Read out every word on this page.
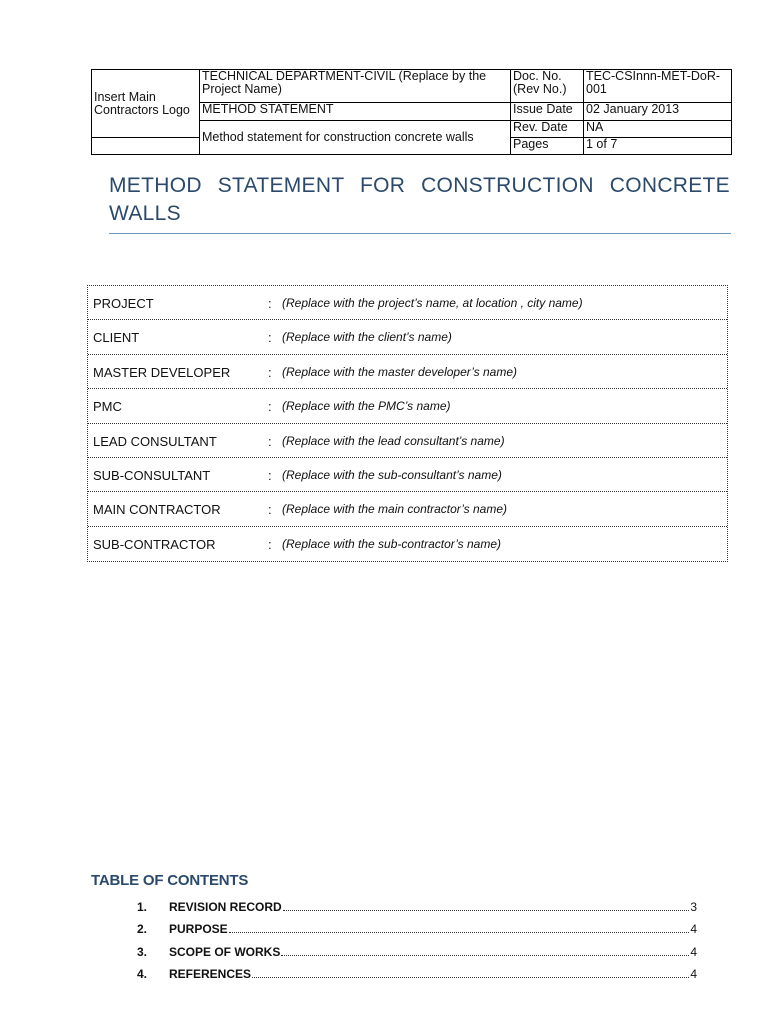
Insert Main Contractors Logo	TECHNICAL DEPARTMENT-CIVIL (Replace by the Project Name)	Doc. No. (Rev No.)	TEC-CSInnn-MET-DoR-001
	METHOD STATEMENT	Issue Date	02 January 2013
	Method statement for construction concrete walls	Rev. Date	NA
		Pages	1 of 7
METHOD STATEMENT FOR CONSTRUCTION CONCRETE WALLS
PROJECT	: (Replace with the project’s name, at location , city name)
CLIENT	: (Replace with the client’s name)
MASTER DEVELOPER	: (Replace with the master developer’s name)
PMC	: (Replace with the PMC’s name)
LEAD CONSULTANT	: (Replace with the lead consultant’s name)
SUB-CONSULTANT	: (Replace with the sub-consultant’s name)
MAIN CONTRACTOR	: (Replace with the main contractor’s name)
SUB-CONTRACTOR	: (Replace with the sub-contractor’s name)
TABLE OF CONTENTS
1. REVISION RECORD	3
2. PURPOSE	4
3. SCOPE OF WORKS	4
4. REFERENCES	4
